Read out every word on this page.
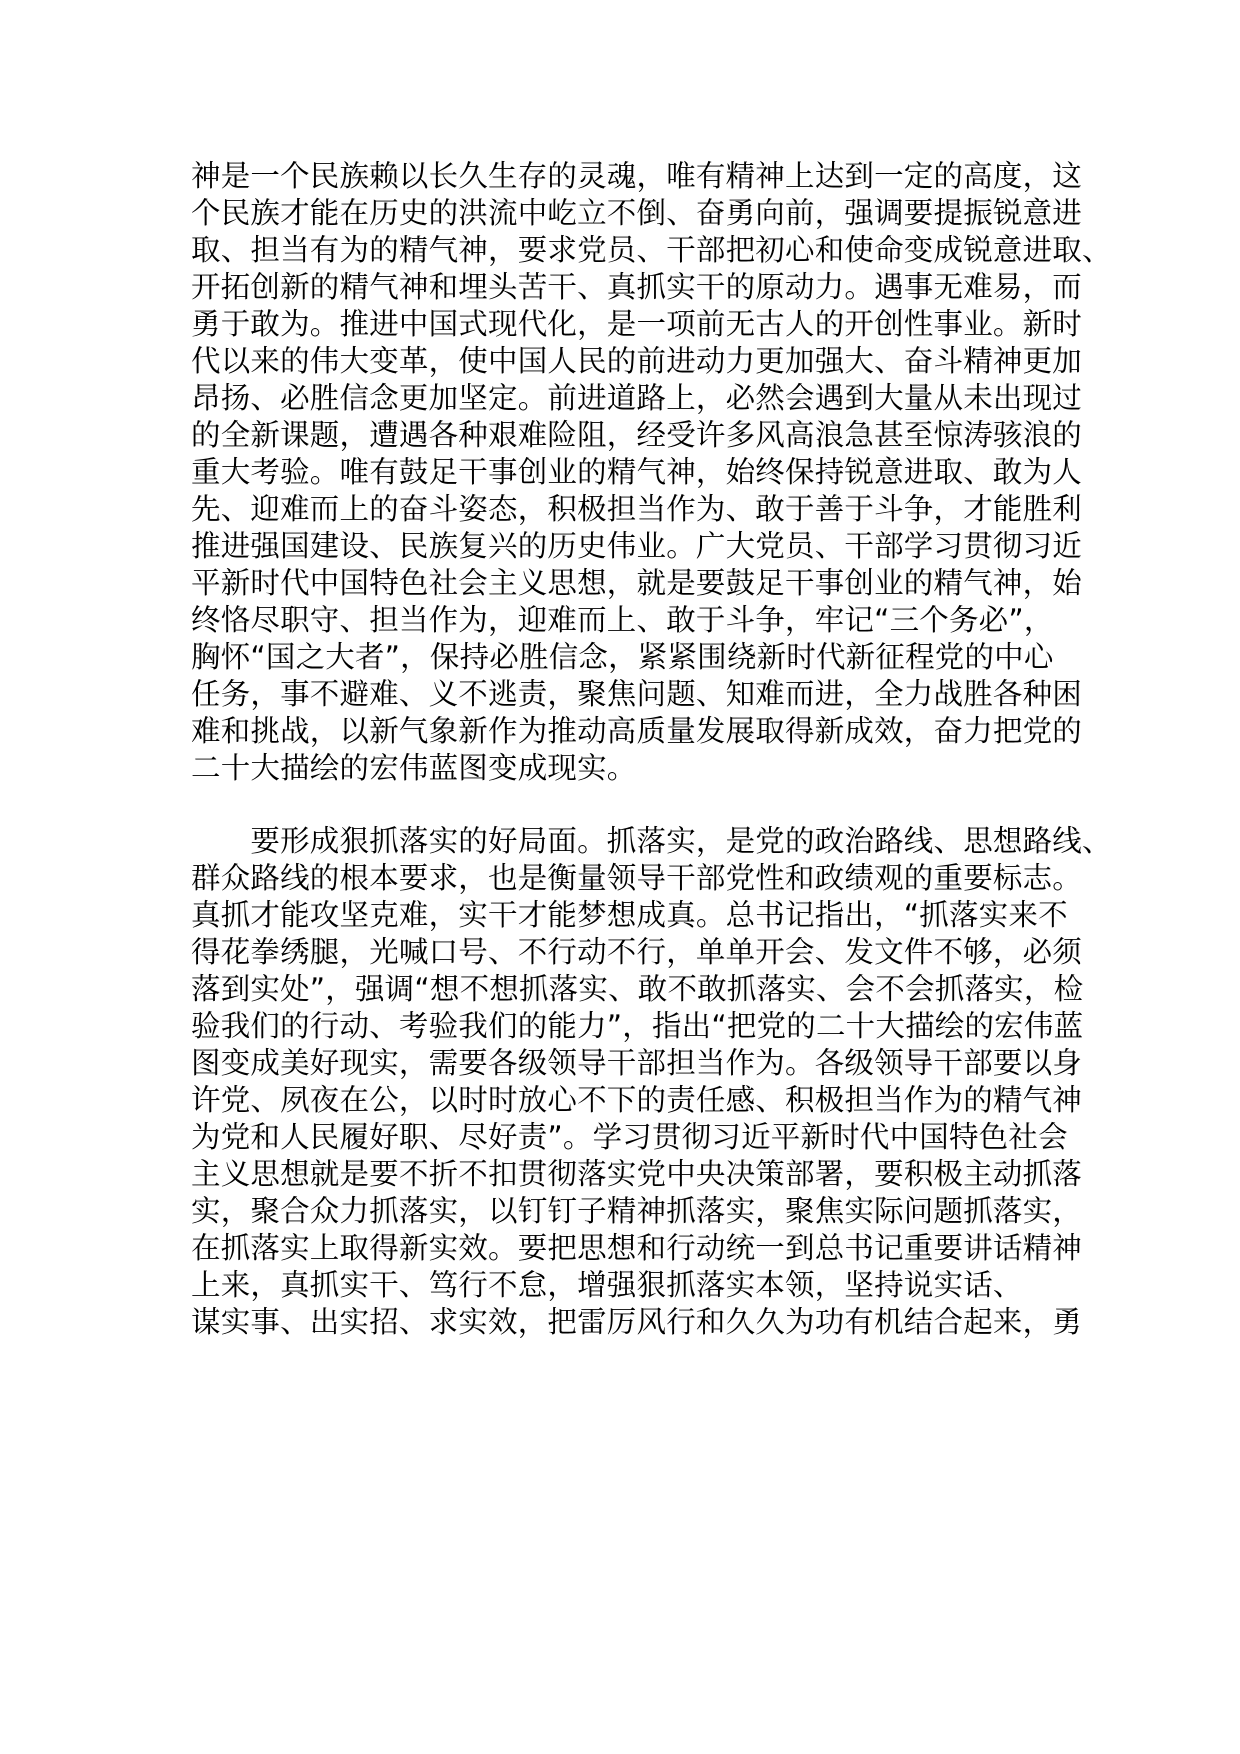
神是一个民族赖以长久生存的灵魂，唯有精神上达到一定的高度，这
个民族才能在历史的洪流中屹立不倒、奋勇向前，强调要提振锐意进
取、担当有为的精气神，要求党员、干部把初心和使命变成锐意进取、
开拓创新的精气神和埋头苦干、真抓实干的原动力。遇事无难易，而
勇于敢为。推进中国式现代化，是一项前无古人的开创性事业。新时
代以来的伟大变革，使中国人民的前进动力更加强大、奋斗精神更加
昂扬、必胜信念更加坚定。前进道路上，必然会遇到大量从未出现过
的全新课题，遭遇各种艰难险阻，经受许多风高浪急甚至惊涛骇浪的
重大考验。唯有鼓足干事创业的精气神，始终保持锐意进取、敢为人
先、迎难而上的奋斗姿态，积极担当作为、敢于善于斗争，才能胜利
推进强国建设、民族复兴的历史伟业。广大党员、干部学习贯彻习近
平新时代中国特色社会主义思想，就是要鼓足干事创业的精气神，始
终恪尽职守、担当作为，迎难而上、敢于斗争，牢记“三个务必”，
胸怀“国之大者”，保持必胜信念，紧紧围绕新时代新征程党的中心
任务，事不避难、义不逃责，聚焦问题、知难而进，全力战胜各种困
难和挑战，以新气象新作为推动高质量发展取得新成效，奋力把党的
二十大描绘的宏伟蓝图变成现实。
　　要形成狠抓落实的好局面。抓落实，是党的政治路线、思想路线、
群众路线的根本要求，也是衡量领导干部党性和政绩观的重要标志。
真抓才能攻坚克难，实干才能梦想成真。总书记指出，“抓落实来不
得花拳绣腿，光喊口号、不行动不行，单单开会、发文件不够，必须
落到实处”，强调“想不想抓落实、敢不敢抓落实、会不会抓落实，检
验我们的行动、考验我们的能力”，指出“把党的二十大描绘的宏伟蓝
图变成美好现实，需要各级领导干部担当作为。各级领导干部要以身
许党、夙夜在公，以时时放心不下的责任感、积极担当作为的精气神
为党和人民履好职、尽好责”。学习贯彻习近平新时代中国特色社会
主义思想就是要不折不扣贯彻落实党中央决策部署，要积极主动抓落
实，聚合众力抓落实，以钉钉子精神抓落实，聚焦实际问题抓落实，
在抓落实上取得新实效。要把思想和行动统一到总书记重要讲话精神
上来，真抓实干、笃行不怠，增强狠抓落实本领，坚持说实话、
谋实事、出实招、求实效，把雷厉风行和久久为功有机结合起来，勇
